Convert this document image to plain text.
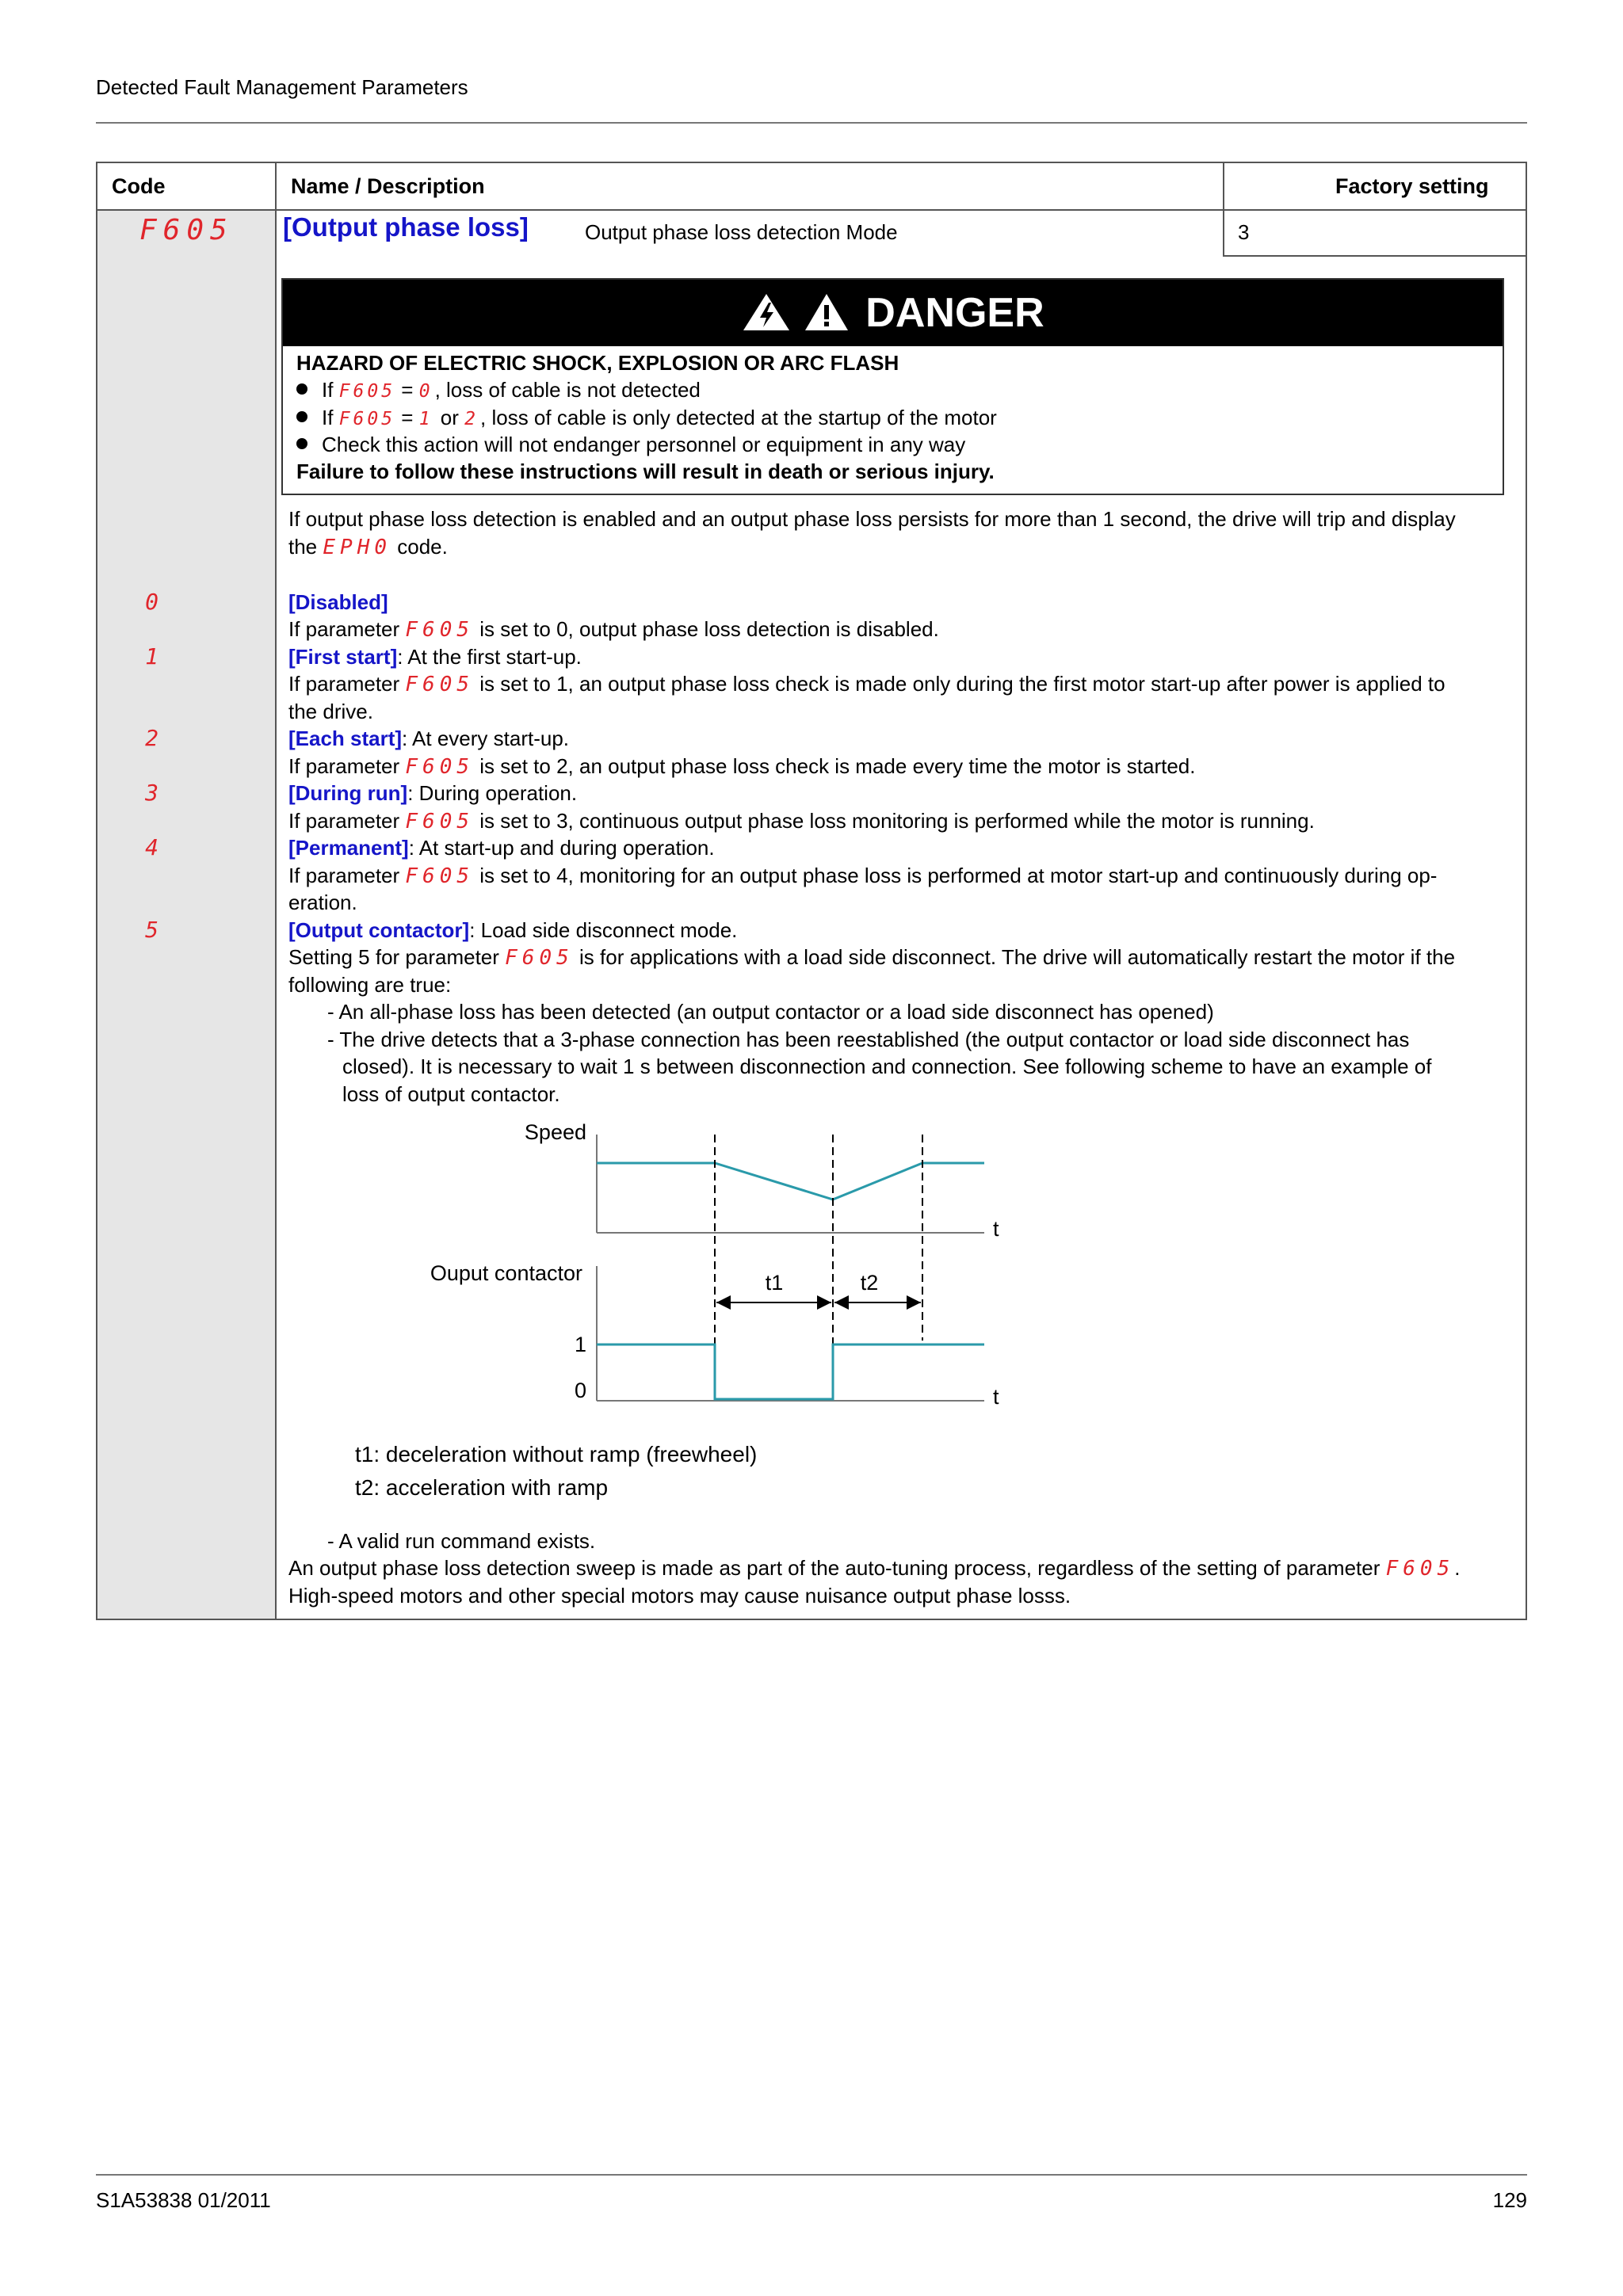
Detected Fault Management Parameters
Code	Name / Description	Factory setting
F605 [Output phase loss]	Output phase loss detection Mode	3
DANGER
HAZARD OF ELECTRIC SHOCK, EXPLOSION OR ARC FLASH
If F605 = 0, loss of cable is not detected
If F605 = 1 or 2, loss of cable is only detected at the startup of the motor
Check this action will not endanger personnel or equipment in any way
Failure to follow these instructions will result in death or serious injury.
If output phase loss detection is enabled and an output phase loss persists for more than 1 second, the drive will trip and display
the EPH0 code.
0	[Disabled]
If parameter F605 is set to 0, output phase loss detection is disabled.
1	[First start]: At the first start-up.
If parameter F605 is set to 1, an output phase loss check is made only during the first motor start-up after power is applied to
the drive.
2	[Each start]: At every start-up.
If parameter F605 is set to 2, an output phase loss check is made every time the motor is started.
3	[During run]: During operation.
If parameter F605 is set to 3, continuous output phase loss monitoring is performed while the motor is running.
4	[Permanent]: At start-up and during operation.
If parameter F605 is set to 4, monitoring for an output phase loss is performed at motor start-up and continuously during op-
eration.
5	[Output contactor]: Load side disconnect mode.
Setting 5 for parameter F605 is for applications with a load side disconnect. The drive will automatically restart the motor if the
following are true:
- An all-phase loss has been detected (an output contactor or a load side disconnect has opened)
- The drive detects that a 3-phase connection has been reestablished (the output contactor or load side disconnect has
closed). It is necessary to wait 1 s between disconnection and connection. See following scheme to have an example of
loss of output contactor.
Speed
t
Ouput contactor
t
1
0
t1	t2
t1: deceleration without ramp (freewheel)
t2: acceleration with ramp
- A valid run command exists.
An output phase loss detection sweep is made as part of the auto-tuning process, regardless of the setting of parameter F605.
High-speed motors and other special motors may cause nuisance output phase losss.
S1A53838 01/2011	129
